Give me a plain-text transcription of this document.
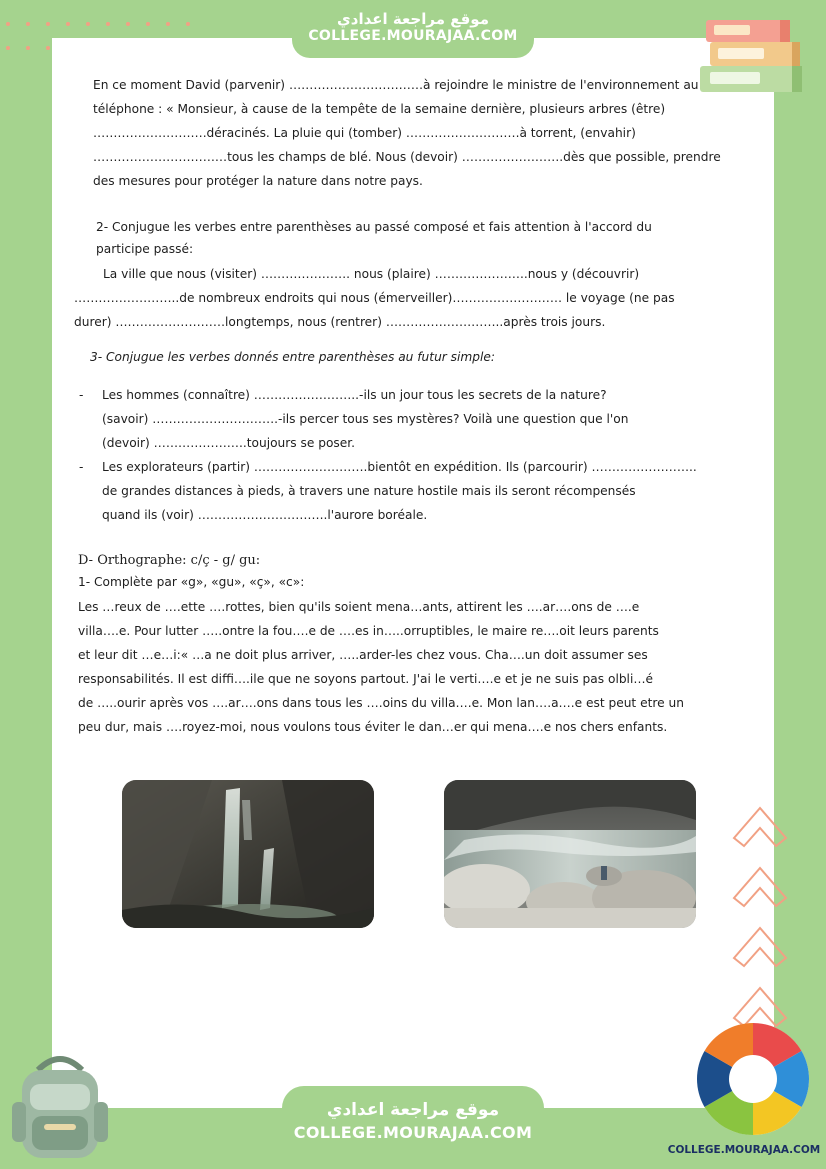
موقع مراجعة اعدادي
COLLEGE.MOURAJAA.COM
En ce moment David (parvenir) ……………………………à rejoindre le ministre de l'environnement au
téléphone : « Monsieur, à cause de la tempête de la semaine dernière, plusieurs arbres (être)
……………………….déracinés. La pluie qui (tomber) ……………………….à torrent, (envahir)
……………………………tous les champs de blé. Nous (devoir) …………………….dès que possible, prendre
des mesures pour protéger la nature dans notre pays.
2- Conjugue les verbes entre parenthèses au passé composé et fais attention à l'accord du
participe passé:
La ville que nous (visiter) …………………. nous (plaire) …………………..nous y (découvrir)
……………………..de nombreux endroits qui nous (émerveiller)……………………… le voyage (ne pas
durer) ………………………longtemps, nous (rentrer) ………………………..après trois jours.
3- Conjugue les verbes donnés entre parenthèses au futur simple:
- Les hommes (connaître) ……………………..-ils un jour tous les secrets de la nature?
(savoir) ………………………….-ils percer tous ses mystères? Voilà une question que l'on
(devoir) …………………..toujours se poser.
- Les explorateurs (partir) ……………………….bientôt en expédition. Ils (parcourir) ……………………..
de grandes distances à pieds, à travers une nature hostile mais ils seront récompensés
quand ils (voir) …………………………..l'aurore boréale.
D- Orthographe: c/ç - g/ gu:
1- Complète par «g», «gu», «ç», «c»:
Les …reux de ….ette ….rottes, bien qu'ils soient mena…ants, attirent les ….ar….ons de ….e
villa….e. Pour lutter …..ontre la fou….e de ….es in…..orruptibles, le maire re….oit leurs parents
et leur dit …e…i:« …a ne doit plus arriver, …..arder-les chez vous. Cha….un doit assumer ses
responsabilités. Il est diffi….ile que ne soyons partout. J'ai le verti….e et je ne suis pas olbli…é
de …..ourir après vos ….ar….ons dans tous les ….oins du villa….e. Mon lan….a….e est peut etre un
peu dur, mais ….royez-moi, nous voulons tous éviter le dan…er qui mena….e nos chers enfants.
COLLEGE.MOURAJAA.COM
موقع مراجعة اعدادي
COLLEGE.MOURAJAA.COM
